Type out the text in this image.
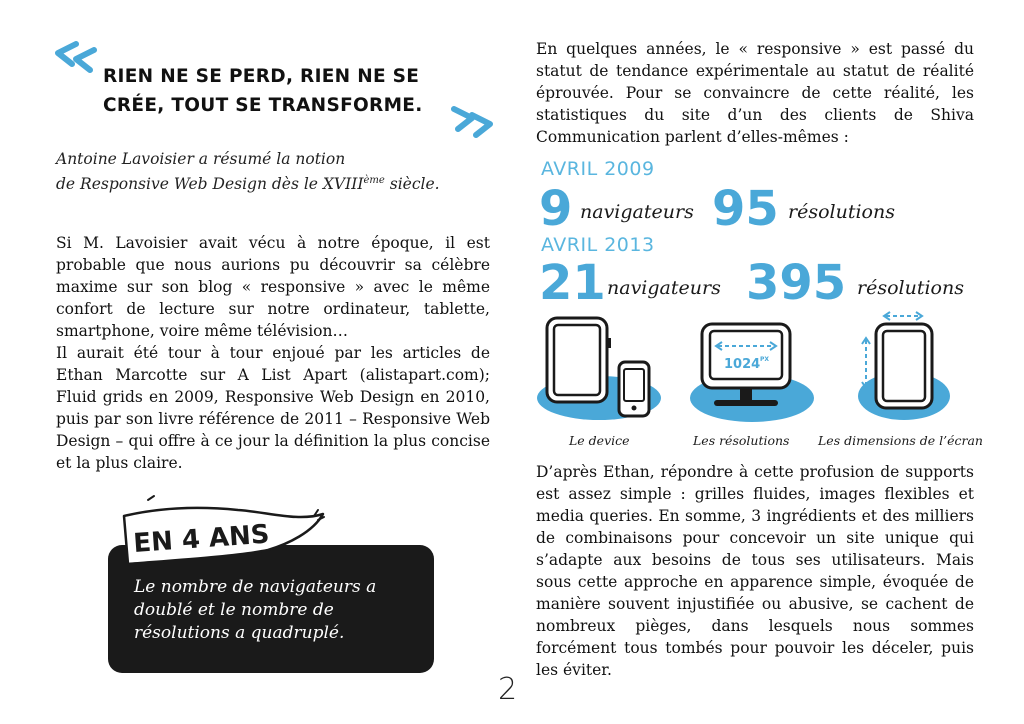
RIEN NE SE PERD, RIEN NE SE
CRÉE, TOUT SE TRANSFORME.
Antoine Lavoisier a résumé la notion
de Responsive Web Design dès le XVIIIème siècle.

Si M. Lavoisier avait vécu à notre époque, il est probable que nous aurions pu découvrir sa célèbre maxime sur son blog « responsive » avec le même confort de lecture sur notre ordinateur, tablette, smartphone, voire même télévision…

Il aurait été tour à tour enjoué par les articles de Ethan Marcotte sur A List Apart (alistapart.com); Fluid grids en 2009, Responsive Web Design en 2010, puis par son livre référence de 2011 – Responsive Web Design – qui offre à ce jour la définition la plus concise et la plus claire.

EN 4 ANS
Le nombre de navigateurs a
doublé et le nombre de
résolutions a quadruplé.
2
En quelques années, le « responsive » est passé du statut de tendance expérimentale au statut de réalité éprouvée. Pour se convaincre de cette réalité, les statistiques du site d’un des clients de Shiva Communication parlent d’elles-mêmes :
AVRIL 2009
9 navigateurs 95 résolutions
AVRIL 2013
21 navigateurs 395 résolutions
Le device
1024 PX
Les résolutions Les dimensions de l’écran

D’après Ethan, répondre à cette profusion de supports est assez simple : grilles fluides, images flexibles et media queries. En somme, 3 ingrédients et des milliers de combinaisons pour concevoir un site unique qui s’adapte aux besoins de tous ses utilisateurs. Mais sous cette approche en apparence simple, évoquée de manière souvent injustifiée ou abusive, se cachent de nombreux pièges, dans lesquels nous sommes forcément tous tombés pour pouvoir les déceler, puis les éviter.
